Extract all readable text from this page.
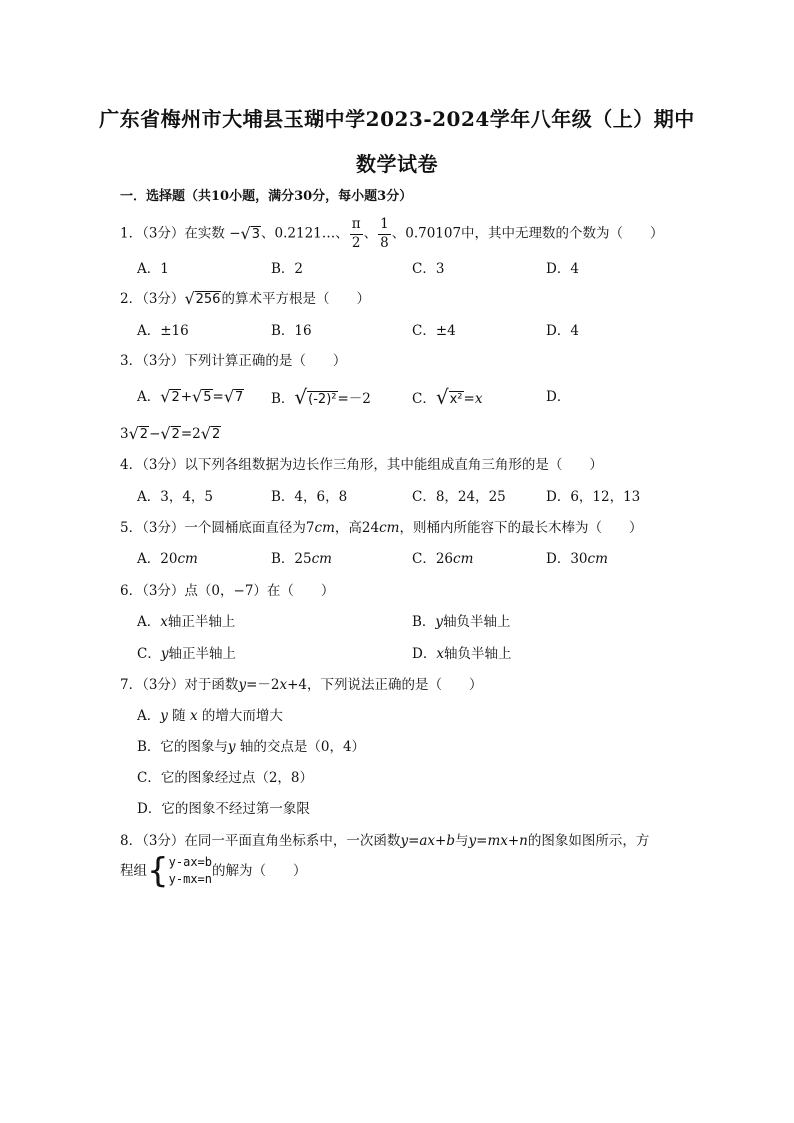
广东省梅州市大埔县玉瑚中学2023-2024学年八年级（上）期中
数学试卷
一．选择题（共10小题，满分30分，每小题3分）
1．（3分）在实数 −√3、0.2121…、 $\frac{\pi}{2}$ 、 $\frac{1}{8}$ 、0.70107中，其中无理数的个数为（　　）
A．1	B．2	C．3	D．4
2．（3分）√256的算术平方根是（　　）
A．±16	B．16	C．±4	D．4
3．（3分）下列计算正确的是（　　）
A．√2+√5=√7 B．√(-2)²=－2	C．√x²=x	D．
3√2−√2=2√2
4．（3分）以下列各组数据为边长作三角形，其中能组成直角三角形的是（　　）
A．3，4，5	B．4，6，8	C．8，24，25	D．6，12，13
5．（3分）一个圆桶底面直径为7cm，高24cm，则桶内所能容下的最长木棒为（　　）
A．20cm	B．25cm	C．26cm	D．30cm
6．（3分）点（0，−7）在（　　）
A．x轴正半轴上	B．y轴负半轴上
C．y轴正半轴上	D．x轴负半轴上
7．（3分）对于函数y=－2x+4，下列说法正确的是（　　）
A．y 随 x 的增大而增大
B．它的图象与y 轴的交点是（0，4）
C．它的图象经过点（2，8）
D．它的图象不经过第一象限
8．（3分）在同一平面直角坐标系中，一次函数y=ax+b与y=mx+n的图象如图所示，方
程组{ y-ax=b
y-mx=n 的解为（　　）
